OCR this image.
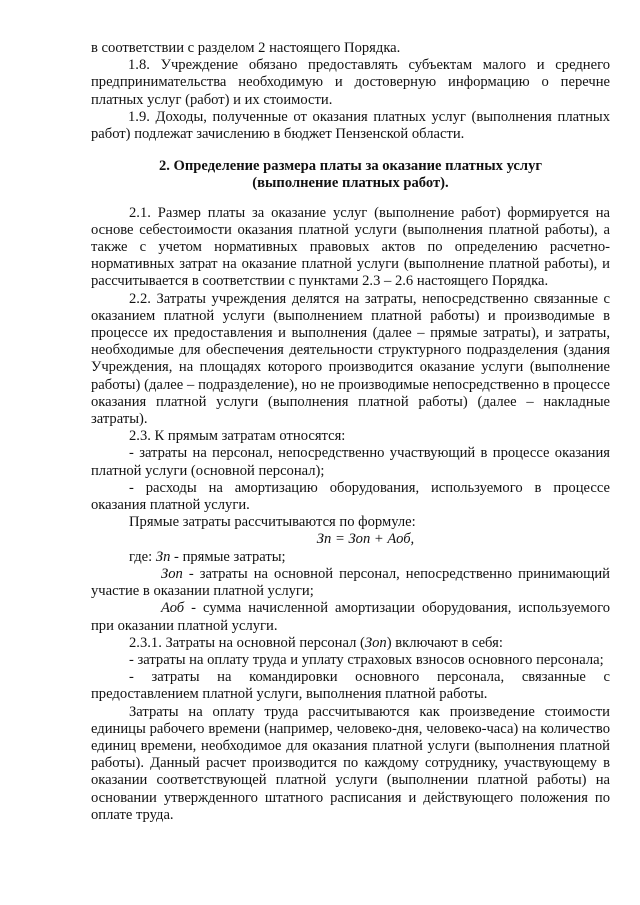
в соответствии с разделом 2 настоящего Порядка.

1.8. Учреждение обязано предоставлять субъектам малого и среднего предпринимательства необходимую и достоверную информацию о перечне платных услуг (работ) и их стоимости.

1.9. Доходы, полученные от оказания платных услуг (выполнения платных работ) подлежат зачислению в бюджет Пензенской области.

2. Определение размера платы за оказание платных услуг
(выполнение платных работ).

2.1. Размер платы за оказание услуг (выполнение работ) формируется на основе себестоимости оказания платной услуги (выполнения платной работы), а также с учетом нормативных правовых актов по определению расчетно-нормативных затрат на оказание платной услуги (выполнение платной работы), и рассчитывается в соответствии с пунктами 2.3 – 2.6 настоящего Порядка.

2.2. Затраты учреждения делятся на затраты, непосредственно связанные с оказанием платной услуги (выполнением платной работы) и производимые в процессе их предоставления и выполнения (далее – прямые затраты), и затраты, необходимые для обеспечения деятельности структурного подразделения (здания Учреждения, на площадях которого производится оказание услуги (выполнение работы) (далее – подразделение), но не производимые непосредственно в процессе оказания платной услуги (выполнения платной работы) (далее – накладные затраты).

2.3. К прямым затратам относятся:

- затраты на персонал, непосредственно участвующий в процессе оказания платной услуги (основной персонал);

- расходы на амортизацию оборудования, используемого в процессе оказания платной услуги.

Прямые затраты рассчитываются по формуле:

Зп = Зоп + Аоб,

где: Зп - прямые затраты;

Зоп - затраты на основной персонал, непосредственно принимающий участие в оказании платной услуги;

Аоб - сумма начисленной амортизации оборудования, используемого при оказании платной услуги.

2.3.1. Затраты на основной персонал (Зоп) включают в себя:

- затраты на оплату труда и уплату страховых взносов основного персонала;

- затраты на командировки основного персонала, связанные с предоставлением платной услуги, выполнения платной работы.

Затраты на оплату труда рассчитываются как произведение стоимости единицы рабочего времени (например, человеко-дня, человеко-часа) на количество единиц времени, необходимое для оказания платной услуги (выполнения платной работы). Данный расчет производится по каждому сотруднику, участвующему в оказании соответствующей платной услуги (выполнении платной работы) на основании утвержденного штатного расписания и действующего положения по оплате труда.
